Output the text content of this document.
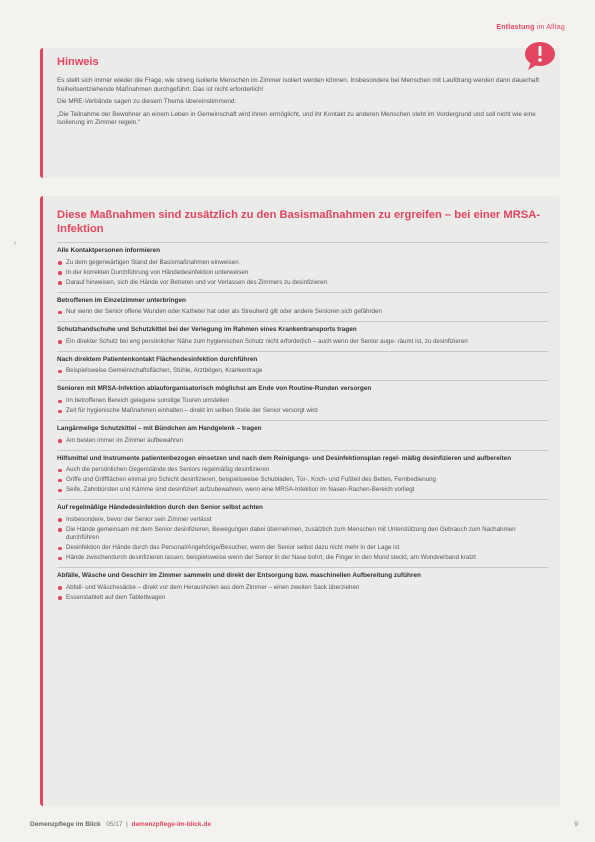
Entlastung im Alltag
Hinweis

Es stellt sich immer wieder die Frage, wie streng isolierte Menschen im Zimmer isoliert werden können. Insbesondere bei Menschen mit Laufdrang werden dann dauerhaft freiheitsentziehende Maßnahmen durchgeführt. Das ist nicht erforderlich!

Die MRE-Verbände sagen zu diesem Thema übereinstimmend:

„Die Teilnahme der Bewohner an einem Leben in Gemeinschaft wird ihnen ermöglicht, und ihr Kontakt zu anderen Menschen steht im Vordergrund und soll nicht wie eine Isolierung im Zimmer regeln.“

‹
Diese Maßnahmen sind zusätzlich zu den Basismaßnahmen zu ergreifen – bei einer MRSA-Infektion
Alle Kontaktpersonen informieren
Zu dem gegenwärtigen Stand der Basismaßnahmen einweisen
In der korrekten Durchführung von Händedesinfektion unterweisen
Darauf hinweisen, sich die Hände vor Betreten und vor Verlassen des Zimmers zu desinfizieren
Betroffenen im Einzelzimmer unterbringen
Nur wenn der Senior offene Wunden oder Katheter hat oder als Streuherd gilt oder andere Senioren sich gefährden
Schutzhandschuhe und Schutzkittel bei der Verlegung im Rahmen eines Krankentransports tragen
Ein direkter Schutz bei eng persönlicher Nähe zum hygienischen Schutz nicht erforderlich – auch wenn der Senior auge- räumt ist, zu desinfizieren
Nach direktem Patientenkontakt Flächendesinfektion durchführen
Beispielsweise Gemeinschaftsflächen, Stühle, Arztbögen, Krankentrage
Senioren mit MRSA-Infektion ablauforganisatorisch möglichst am Ende von Routine-Runden versorgen
Im betroffenen Bereich gelegene sonstige Touren umstellen
Zeit für hygienische Maßnahmen einhalten – direkt im selben Stelle der Senior versorgt wird
Langärmelige Schutzkittel – mit Bündchen am Handgelenk – tragen
Am besten immer im Zimmer aufbewahren
Hilfsmittel und Instrumente patientenbezogen einsetzen und nach dem Reinigungs- und Desinfektionsplan regel- mäßig desinfizieren und aufbereiten
Auch die persönlichen Gegenstände des Seniors regelmäßig desinfizieren
Griffe und Griffflächen einmal pro Schicht desinfizieren, beispielsweise Schubladen, Tür-, Koch- und Fußteil des Bettes, Fernbedienung
Seife, Zahnbürsten und Kämme sind desinfiziert aufzubewahren, wenn eine MRSA-Infektion im Nasen-Rachen-Bereich vorliegt
Auf regelmäßige Händedesinfektion durch den Senior selbst achten
Insbesondere, bevor der Senior sein Zimmer verlässt
Die Hände gemeinsam mit dem Senior desinfizieren, Bewegungen dabei übernehmen, zusätzlich zum Menschen mit Unterstützung den Gebrauch zum Nachahmen durchführen
Desinfektion der Hände durch das Personal/Angehörige/Besucher, wenn der Senior selbst dazu nicht mehr in der Lage ist
Hände zwischendurch desinfizieren lassen, beispielsweise wenn der Senior in der Nase bohrt, die Finger in den Mund steckt, am Wundverband kratzt
Abfälle, Wäsche und Geschirr im Zimmer sammeln und direkt der Entsorgung bzw. maschinellen Aufbereitung zuführen
Abfall- und Wäschesäcke – direkt vor dem Herausholen aus dem Zimmer – einen zweiten Sack überziehen
Essenstablett auf dem Tablettwagen
Demenzpflege im Blick 05/17  |  demenzpflege-im-blick.de	9
